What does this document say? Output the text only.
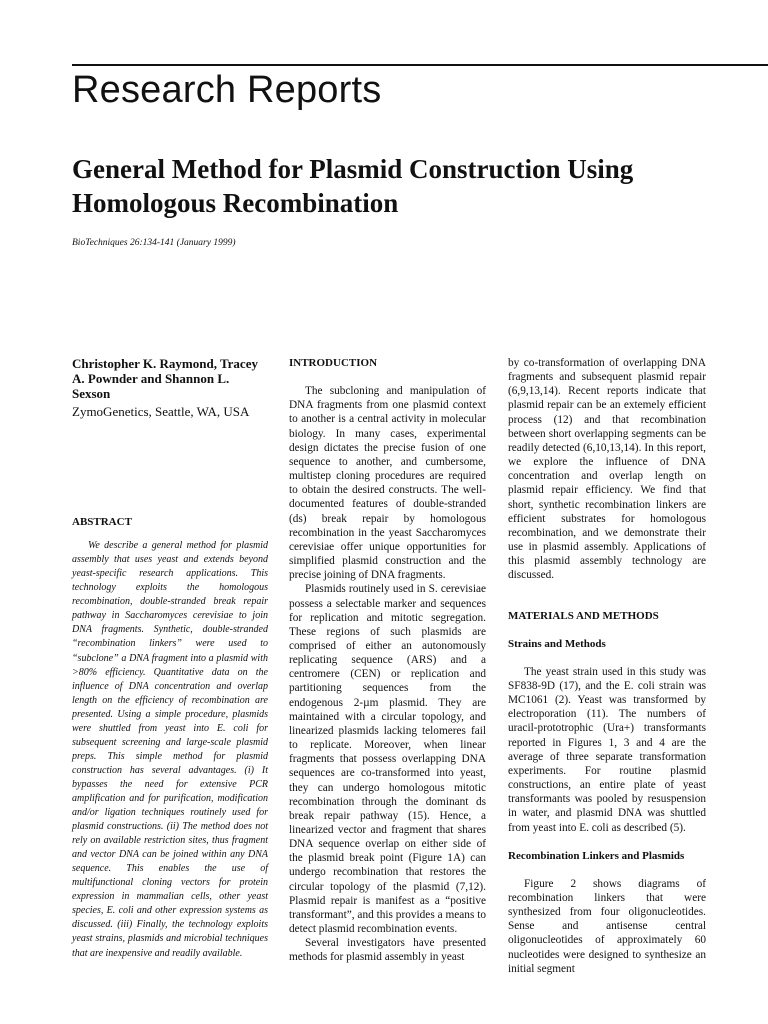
Research Reports
General Method for Plasmid Construction Using Homologous Recombination
BioTechniques 26:134-141 (January 1999)
Christopher K. Raymond, Tracey A. Pownder and Shannon L. Sexson
ZymoGenetics, Seattle, WA, USA
ABSTRACT

We describe a general method for plasmid assembly that uses yeast and extends beyond yeast-specific research applications. This technology exploits the homologous recombination, double-stranded break repair pathway in Saccharomyces cerevisiae to join DNA fragments. Synthetic, double-stranded “recombination linkers” were used to “subclone” a DNA fragment into a plasmid with >80% efficiency. Quantitative data on the influence of DNA concentration and overlap length on the efficiency of recombination are presented. Using a simple procedure, plasmids were shuttled from yeast into E. coli for subsequent screening and large-scale plasmid preps. This simple method for plasmid construction has several advantages. (i) It bypasses the need for extensive PCR amplification and for purification, modification and/or ligation techniques routinely used for plasmid constructions. (ii) The method does not rely on available restriction sites, thus fragment and vector DNA can be joined within any DNA sequence. This enables the use of multifunctional cloning vectors for protein expression in mammalian cells, other yeast species, E. coli and other expression systems as discussed. (iii) Finally, the technology exploits yeast strains, plasmids and microbial techniques that are inexpensive and readily available.

INTRODUCTION

The subcloning and manipulation of DNA fragments from one plasmid context to another is a central activity in molecular biology. In many cases, experimental design dictates the precise fusion of one sequence to another, and cumbersome, multistep cloning procedures are required to obtain the desired constructs. The well-documented features of double-stranded (ds) break repair by homologous recombination in the yeast Saccharomyces cerevisiae offer unique opportunities for simplified plasmid construction and the precise joining of DNA fragments.

Plasmids routinely used in S. cerevisiae possess a selectable marker and sequences for replication and mitotic segregation. These regions of such plasmids are comprised of either an autonomously replicating sequence (ARS) and a centromere (CEN) or replication and partitioning sequences from the endogenous 2-µm plasmid. They are maintained with a circular topology, and linearized plasmids lacking telomeres fail to replicate. Moreover, when linear fragments that possess overlapping DNA sequences are co-transformed into yeast, they can undergo homologous mitotic recombination through the dominant ds break repair pathway (15). Hence, a linearized vector and fragment that shares DNA sequence overlap on either side of the plasmid break point (Figure 1A) can undergo recombination that restores the circular topology of the plasmid (7,12). Plasmid repair is manifest as a “positive transformant”, and this provides a means to detect plasmid recombination events.

Several investigators have presented methods for plasmid assembly in yeast

by co-transformation of overlapping DNA fragments and subsequent plasmid repair (6,9,13,14). Recent reports indicate that plasmid repair can be an extemely efficient process (12) and that recombination between short overlapping segments can be readily detected (6,10,13,14). In this report, we explore the influence of DNA concentration and overlap length on plasmid repair efficiency. We find that short, synthetic recombination linkers are efficient substrates for homologous recombination, and we demonstrate their use in plasmid assembly. Applications of this plasmid assembly technology are discussed.

MATERIALS AND METHODS
Strains and Methods

The yeast strain used in this study was SF838-9D (17), and the E. coli strain was MC1061 (2). Yeast was transformed by electroporation (11). The numbers of uracil-prototrophic (Ura+) transformants reported in Figures 1, 3 and 4 are the average of three separate transformation experiments. For routine plasmid constructions, an entire plate of yeast transformants was pooled by resuspension in water, and plasmid DNA was shuttled from yeast into E. coli as described (5).

Recombination Linkers and Plasmids

Figure 2 shows diagrams of recombination linkers that were synthesized from four oligonucleotides. Sense and antisense central oligonucleotides of approximately 60 nucleotides were designed to synthesize an initial segment
